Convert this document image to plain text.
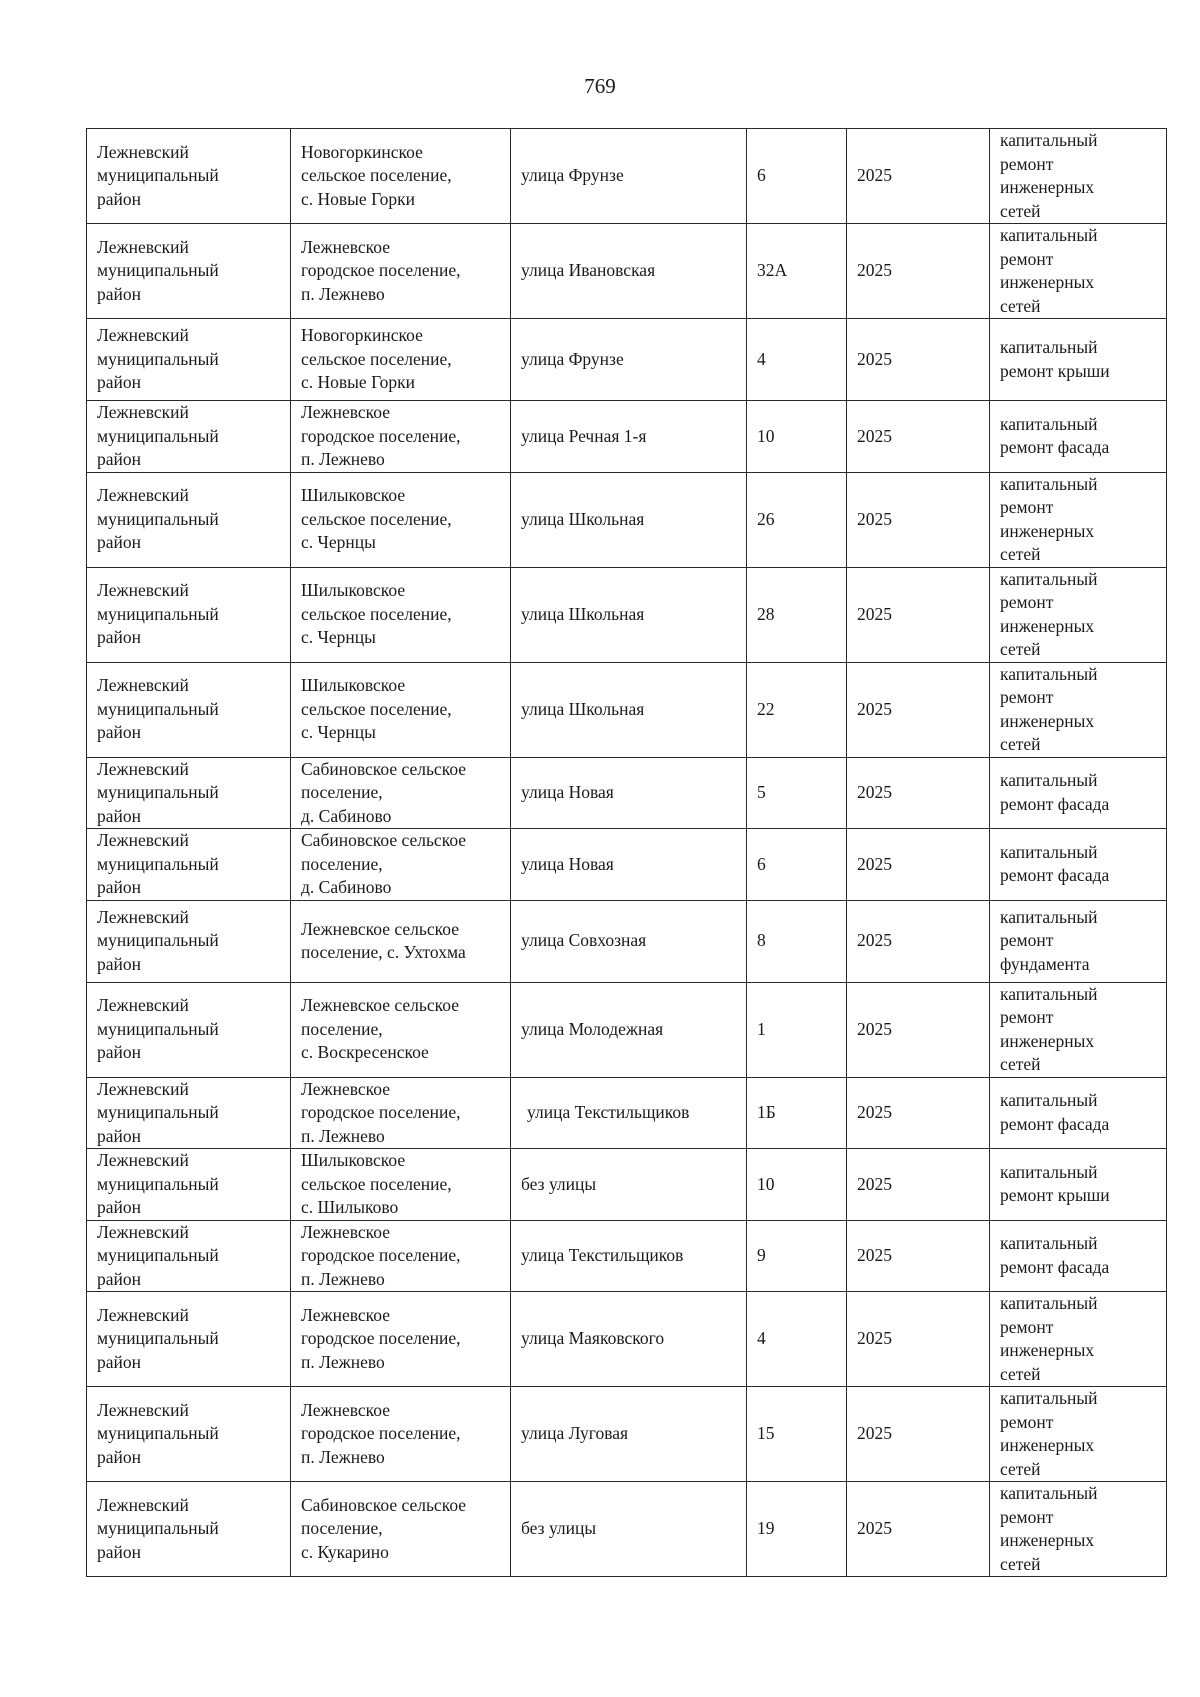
769
Лежневский
муниципальный
район	Новогоркинское
сельское поселение,
с. Новые Горки	улица Фрунзе	6	2025	капитальный
ремонт
инженерных
сетей

Лежневский
муниципальный
район	Лежневское
городское поселение,
п. Лежнево	улица Ивановская	32А	2025	капитальный
ремонт
инженерных
сетей

Лежневский
муниципальный
район	Новогоркинское
сельское поселение,
с. Новые Горки	улица Фрунзе	4	2025	капитальный
ремонт крыши

Лежневский
муниципальный
район	Лежневское
городское поселение,
п. Лежнево	улица Речная 1-я	10	2025	капитальный
ремонт фасада

Лежневский
муниципальный
район	Шилыковское
сельское поселение,
с. Чернцы	улица Школьная	26	2025	капитальный
ремонт
инженерных
сетей

Лежневский
муниципальный
район	Шилыковское
сельское поселение,
с. Чернцы	улица Школьная	28	2025	капитальный
ремонт
инженерных
сетей

Лежневский
муниципальный
район	Шилыковское
сельское поселение,
с. Чернцы	улица Школьная	22	2025	капитальный
ремонт
инженерных
сетей

Лежневский
муниципальный
район	Сабиновское сельское
поселение,
д. Сабиново	улица Новая	5	2025	капитальный
ремонт фасада

Лежневский
муниципальный
район	Сабиновское сельское
поселение,
д. Сабиново	улица Новая	6	2025	капитальный
ремонт фасада

Лежневский
муниципальный
район	Лежневское сельское
поселение, с. Ухтохма	улица Совхозная	8	2025	капитальный
ремонт
фундамента

Лежневский
муниципальный
район	Лежневское сельское
поселение,
с. Воскресенское	улица Молодежная	1	2025	капитальный
ремонт
инженерных
сетей

Лежневский
муниципальный
район	Лежневское
городское поселение,
п. Лежнево	улица Текстильщиков	1Б	2025	капитальный
ремонт фасада

Лежневский
муниципальный
район	Шилыковское
сельское поселение,
с. Шилыково	без улицы	10	2025	капитальный
ремонт крыши

Лежневский
муниципальный
район	Лежневское
городское поселение,
п. Лежнево	улица Текстильщиков	9	2025	капитальный
ремонт фасада

Лежневский
муниципальный
район	Лежневское
городское поселение,
п. Лежнево	улица Маяковского	4	2025	капитальный
ремонт
инженерных
сетей

Лежневский
муниципальный
район	Лежневское
городское поселение,
п. Лежнево	улица Луговая	15	2025	капитальный
ремонт
инженерных
сетей

Лежневский
муниципальный
район	Сабиновское сельское
поселение,
с. Кукарино	без улицы	19	2025	капитальный
ремонт
инженерных
сетей
